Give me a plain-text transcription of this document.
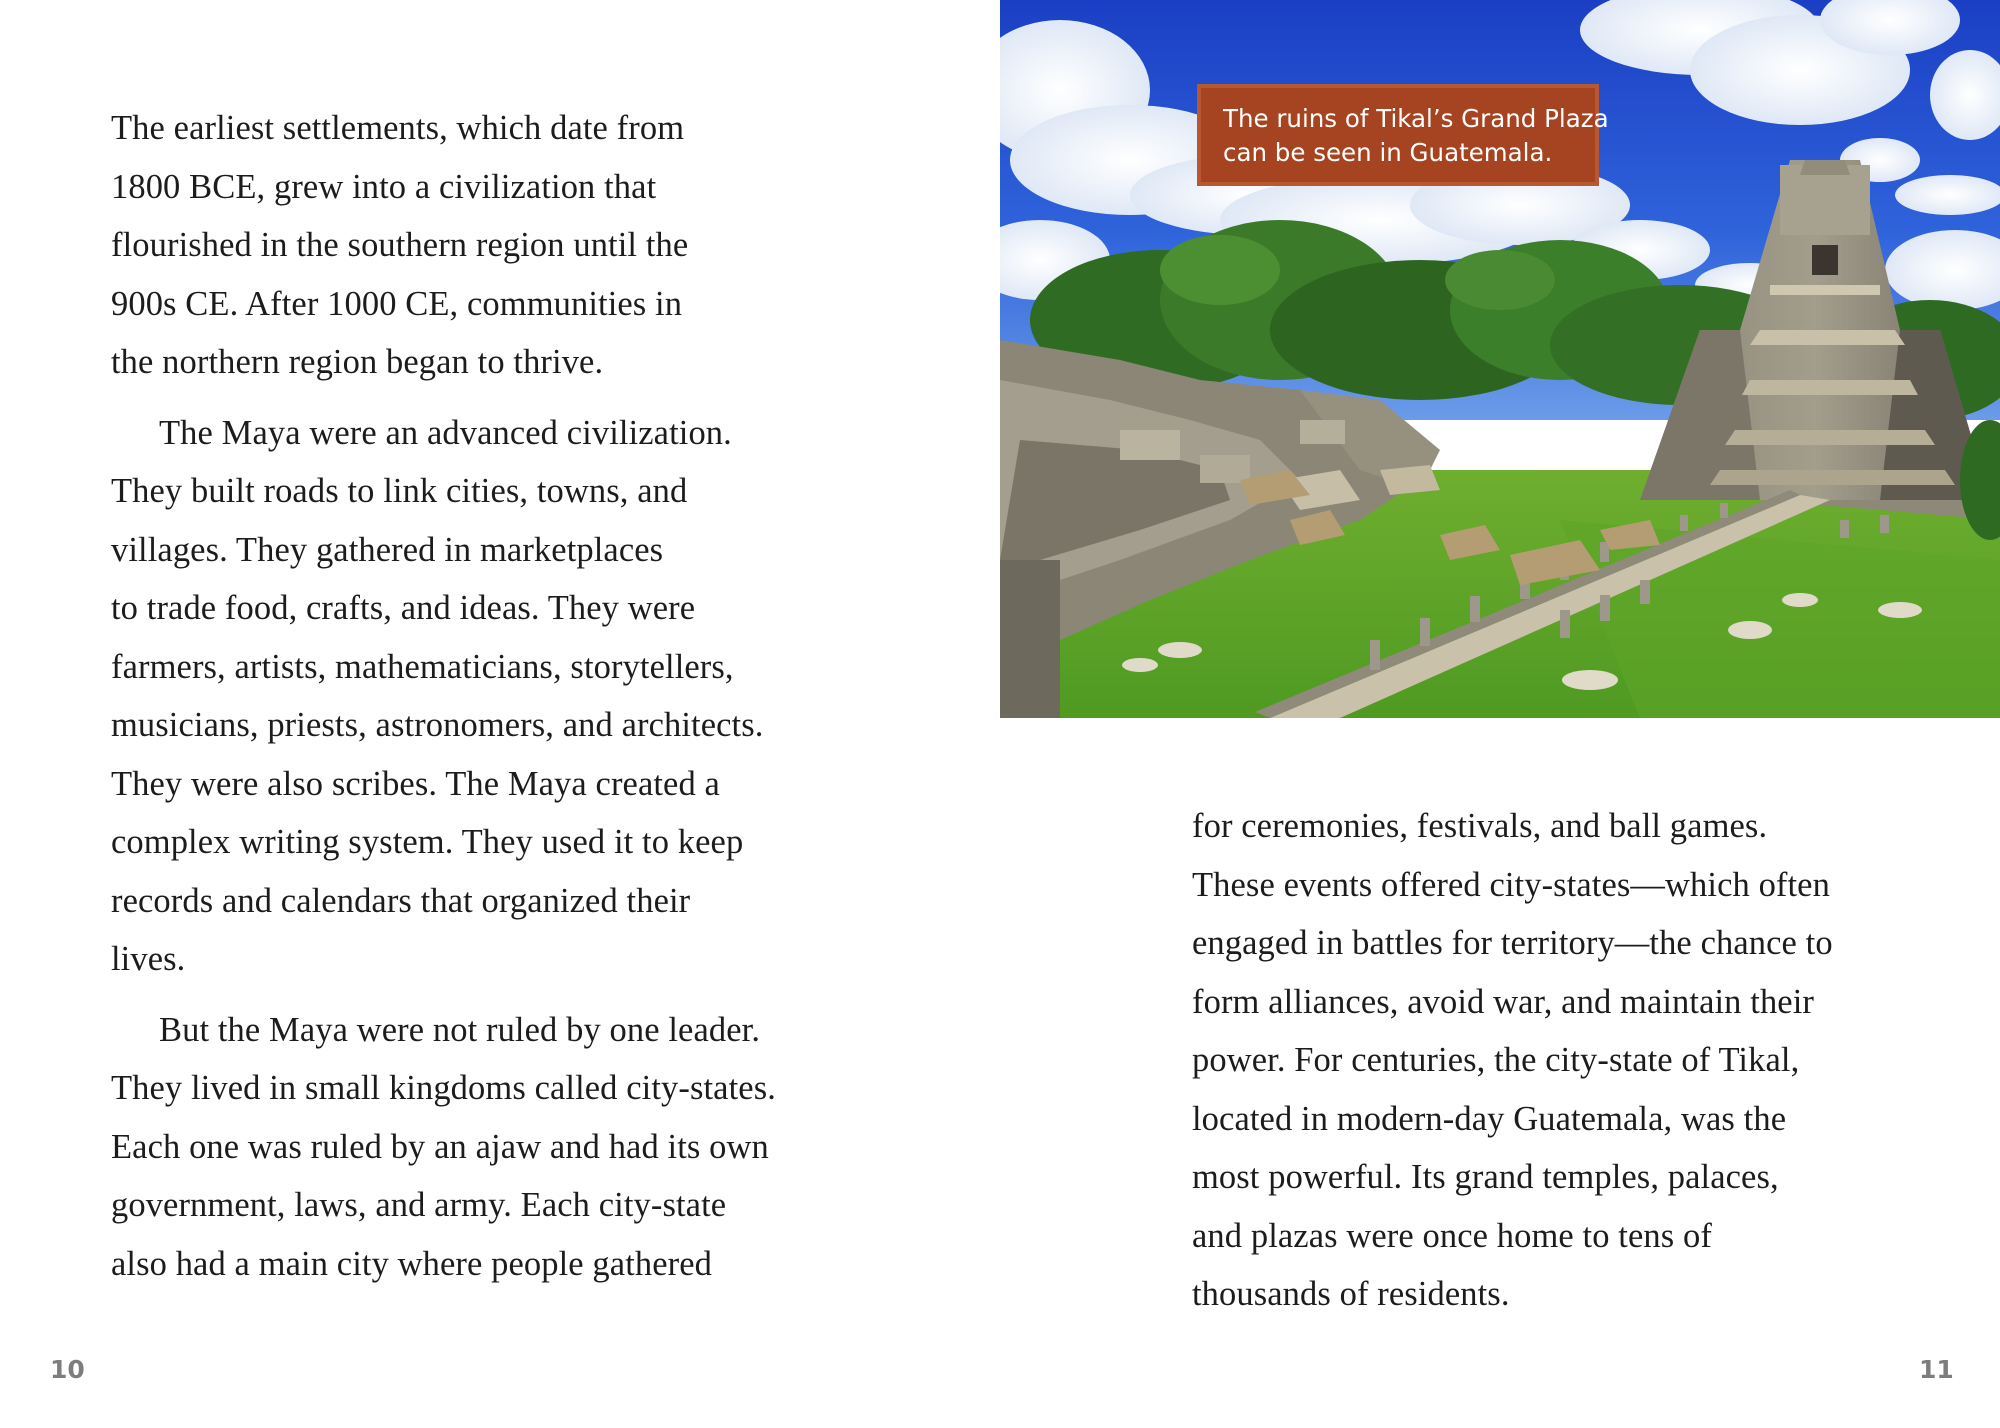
The earliest settlements, which date from
1800 BCE, grew into a civilization that
flourished in the southern region until the
900s CE. After 1000 CE, communities in
the northern region began to thrive.

The Maya were an advanced civilization.
They built roads to link cities, towns, and
villages. They gathered in marketplaces
to trade food, crafts, and ideas. They were
farmers, artists, mathematicians, storytellers,
musicians, priests, astronomers, and architects.
They were also scribes. The Maya created a
complex writing system. They used it to keep
records and calendars that organized their
lives.

But the Maya were not ruled by one leader.
They lived in small kingdoms called city-states.
Each one was ruled by an ajaw and had its own
government, laws, and army. Each city-state
also had a main city where people gathered

10
The ruins of Tikal’s Grand Plaza
can be seen in Guatemala.

for ceremonies, festivals, and ball games.
These events offered city-states—which often
engaged in battles for territory—the chance to
form alliances, avoid war, and maintain their
power. For centuries, the city-state of Tikal,
located in modern-day Guatemala, was the
most powerful. Its grand temples, palaces,
and plazas were once home to tens of
thousands of residents.

11
